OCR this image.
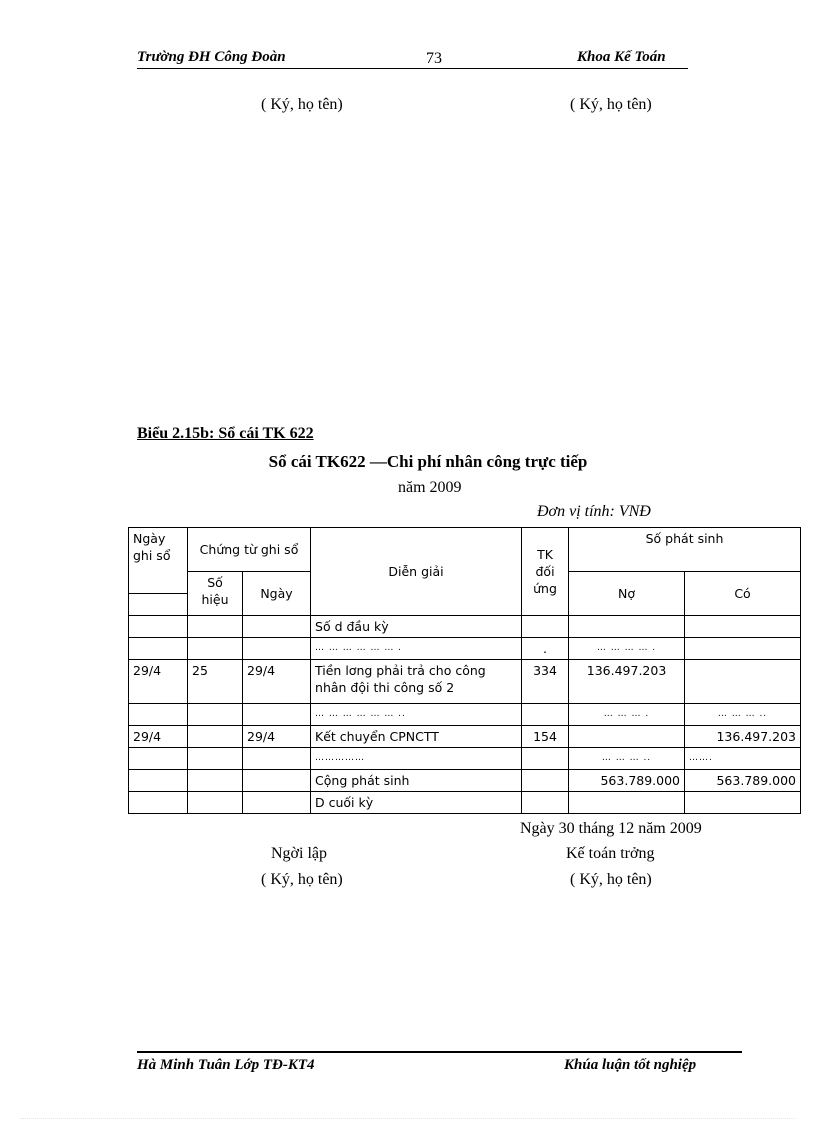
Trường ĐH Công Đoàn	73	Khoa Kế Toán
( Ký, họ tên)	( Ký, họ tên)
Biểu 2.15b: Sổ cái TK 622
Sổ cái TK622 —Chi phí nhân công trực tiếp
năm 2009
Đơn vị tính: VNĐ
Ngày ghi sổ	Chứng từ ghi sổ		Diễn giải	TK đối ứng	Số phát sinh	
	Số hiệu	Ngày			Nợ	Có

			Số d đầu kỳ			
			… … … … … … .	.	… … … … .	
29/4	25	29/4	Tiền lơng phải trả cho công nhân đội thi công số 2	334	136.497.203	
			… … … … … … ..		… … … .	… … … ..
29/4		29/4	Kết chuyển CPNCTT	154		136.497.203
			……………		… … … ..	…….
			Cộng phát sinh		563.789.000	563.789.000
			D cuối kỳ			
Ngày 30 tháng 12 năm 2009
Ngời lập	Kế toán trởng
( Ký, họ tên)	( Ký, họ tên)
Hà Minh Tuân Lớp TĐ-KT4	Khúa luận tốt nghiệp
